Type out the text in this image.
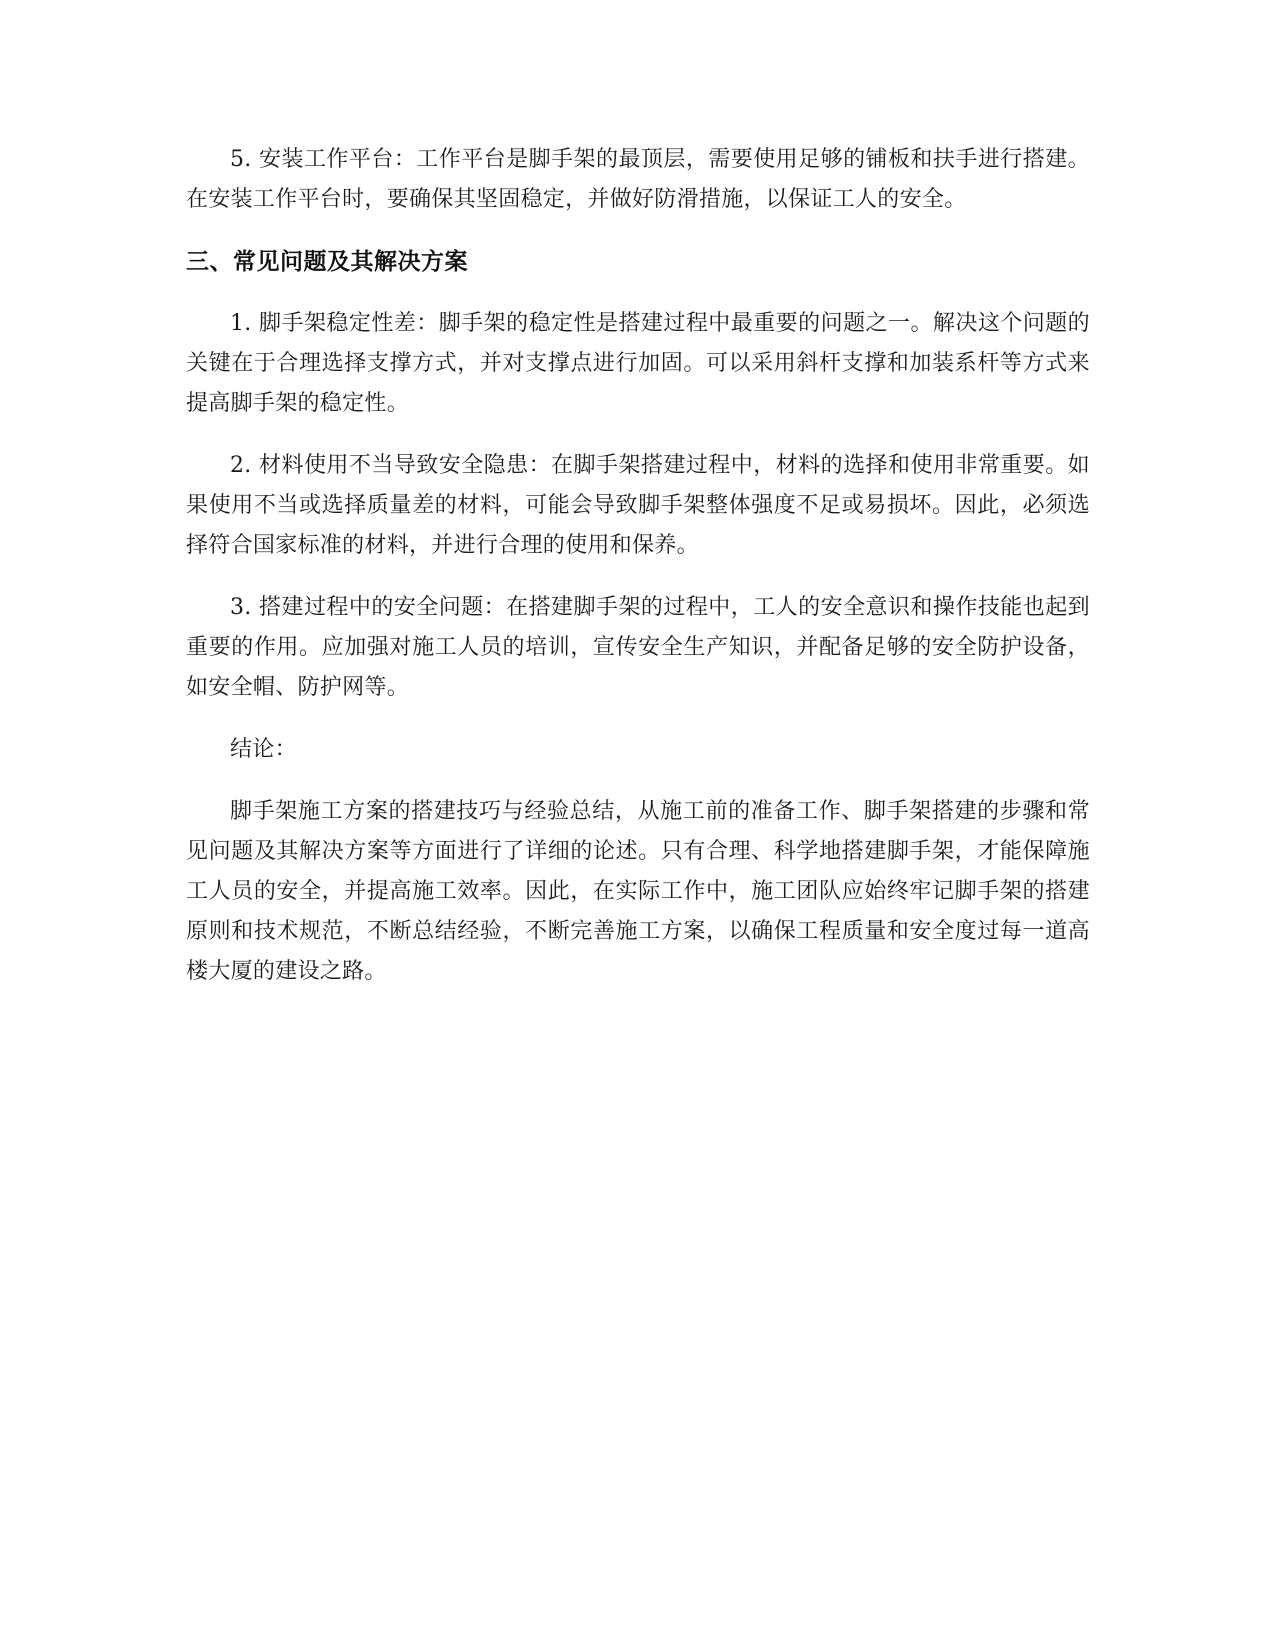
5. 安装工作平台：工作平台是脚手架的最顶层，需要使用足够的铺板和扶手进行搭建。在安装工作平台时，要确保其坚固稳定，并做好防滑措施，以保证工人的安全。

三、常见问题及其解决方案

1. 脚手架稳定性差：脚手架的稳定性是搭建过程中最重要的问题之一。解决这个问题的关键在于合理选择支撑方式，并对支撑点进行加固。可以采用斜杆支撑和加装系杆等方式来提高脚手架的稳定性。

2. 材料使用不当导致安全隐患：在脚手架搭建过程中，材料的选择和使用非常重要。如果使用不当或选择质量差的材料，可能会导致脚手架整体强度不足或易损坏。因此，必须选择符合国家标准的材料，并进行合理的使用和保养。

3. 搭建过程中的安全问题：在搭建脚手架的过程中，工人的安全意识和操作技能也起到重要的作用。应加强对施工人员的培训，宣传安全生产知识，并配备足够的安全防护设备，如安全帽、防护网等。

结论：

脚手架施工方案的搭建技巧与经验总结，从施工前的准备工作、脚手架搭建的步骤和常见问题及其解决方案等方面进行了详细的论述。只有合理、科学地搭建脚手架，才能保障施工人员的安全，并提高施工效率。因此，在实际工作中，施工团队应始终牢记脚手架的搭建原则和技术规范，不断总结经验，不断完善施工方案，以确保工程质量和安全度过每一道高楼大厦的建设之路。
